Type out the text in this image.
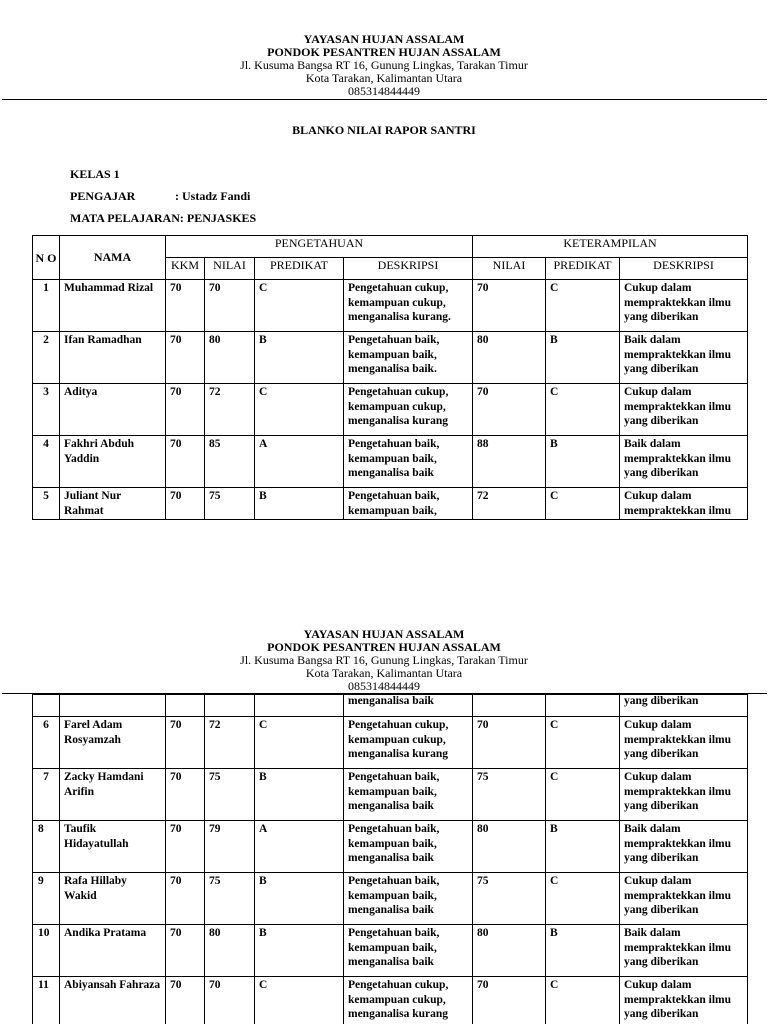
YAYASAN HUJAN ASSALAM
PONDOK PESANTREN HUJAN ASSALAM
Jl. Kusuma Bangsa RT 16, Gunung Lingkas, Tarakan Timur
Kota Tarakan, Kalimantan Utara
085314844449
BLANKO NILAI RAPOR SANTRI
KELAS 1
PENGAJAR	: Ustadz Fandi
MATA PELAJARAN: PENJASKES
N O	NAMA	PENGETAHUAN				KETERAMPILAN		
		KKM	NILAI	PREDIKAT	DESKRIPSI	NILAI	PREDIKAT	DESKRIPSI
1	Muhammad Rizal	70	70	C	Pengetahuan cukup, kemampuan cukup, menganalisa kurang.	70	C	Cukup dalam mempraktekkan ilmu yang diberikan
2	Ifan Ramadhan	70	80	B	Pengetahuan baik, kemampuan baik, menganalisa baik.	80	B	Baik dalam mempraktekkan ilmu yang diberikan
3	Aditya	70	72	C	Pengetahuan cukup, kemampuan cukup, menganalisa kurang	70	C	Cukup dalam mempraktekkan ilmu yang diberikan
4	Fakhri Abduh Yaddin	70	85	A	Pengetahuan baik, kemampuan baik, menganalisa baik	88	B	Baik dalam mempraktekkan ilmu yang diberikan
5	Juliant Nur Rahmat	70	75	B	Pengetahuan baik, kemampuan baik,	72	C	Cukup dalam mempraktekkan ilmu
YAYASAN HUJAN ASSALAM
PONDOK PESANTREN HUJAN ASSALAM
Jl. Kusuma Bangsa RT 16, Gunung Lingkas, Tarakan Timur
Kota Tarakan, Kalimantan Utara
085314844449
					menganalisa baik			yang diberikan
6	Farel Adam Rosyamzah	70	72	C	Pengetahuan cukup, kemampuan cukup, menganalisa kurang	70	C	Cukup dalam mempraktekkan ilmu yang diberikan
7	Zacky Hamdani Arifin	70	75	B	Pengetahuan baik, kemampuan baik, menganalisa baik	75	C	Cukup dalam mempraktekkan ilmu yang diberikan
8	Taufik Hidayatullah	70	79	A	Pengetahuan baik, kemampuan baik, menganalisa baik	80	B	Baik dalam mempraktekkan ilmu yang diberikan
9	Rafa Hillaby Wakid	70	75	B	Pengetahuan baik, kemampuan baik, menganalisa baik	75	C	Cukup dalam mempraktekkan ilmu yang diberikan
10	Andika Pratama	70	80	B	Pengetahuan baik, kemampuan baik, menganalisa baik	80	B	Baik dalam mempraktekkan ilmu yang diberikan
11	Abiyansah Fahraza	70	70	C	Pengetahuan cukup, kemampuan cukup, menganalisa kurang	70	C	Cukup dalam mempraktekkan ilmu yang diberikan
